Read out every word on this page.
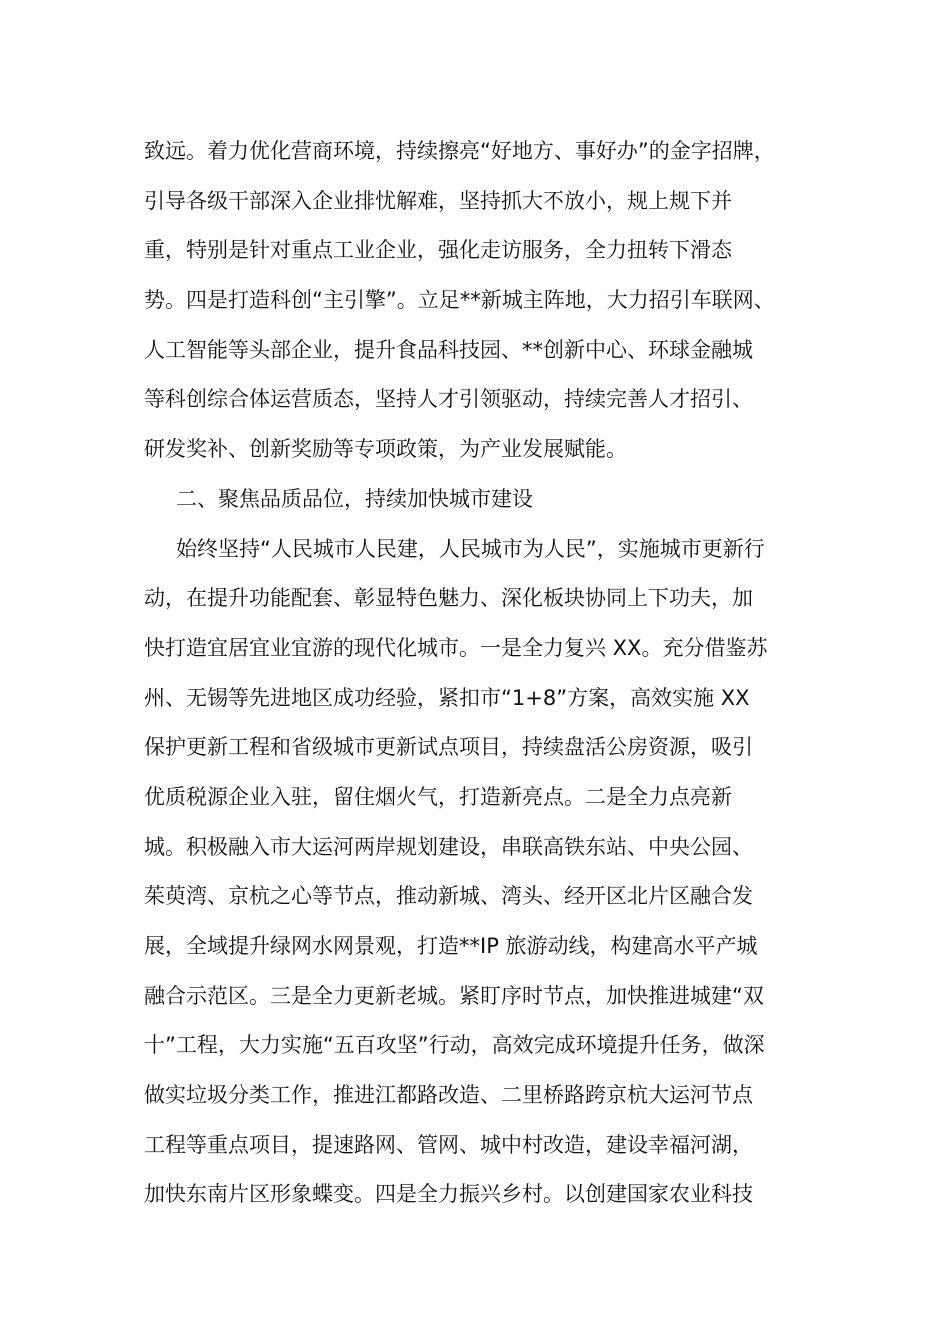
致远。着力优化营商环境，持续擦亮“好地方、事好办”的金字招牌，
引导各级干部深入企业排忧解难，坚持抓大不放小，规上规下并
重，特别是针对重点工业企业，强化走访服务，全力扭转下滑态
势。四是打造科创“主引擎”。立足**新城主阵地，大力招引车联网、
人工智能等头部企业，提升食品科技园、**创新中心、环球金融城
等科创综合体运营质态，坚持人才引领驱动，持续完善人才招引、
研发奖补、创新奖励等专项政策，为产业发展赋能。
二、聚焦品质品位，持续加快城市建设
始终坚持“人民城市人民建，人民城市为人民”，实施城市更新行
动，在提升功能配套、彰显特色魅力、深化板块协同上下功夫，加
快打造宜居宜业宜游的现代化城市。一是全力复兴 XX。充分借鉴苏
州、无锡等先进地区成功经验，紧扣市“1+8”方案，高效实施 XX
保护更新工程和省级城市更新试点项目，持续盘活公房资源，吸引
优质税源企业入驻，留住烟火气，打造新亮点。二是全力点亮新
城。积极融入市大运河两岸规划建设，串联高铁东站、中央公园、
茱萸湾、京杭之心等节点，推动新城、湾头、经开区北片区融合发
展，全域提升绿网水网景观，打造**IP 旅游动线，构建高水平产城
融合示范区。三是全力更新老城。紧盯序时节点，加快推进城建“双
十”工程，大力实施“五百攻坚”行动，高效完成环境提升任务，做深
做实垃圾分类工作，推进江都路改造、二里桥路跨京杭大运河节点
工程等重点项目，提速路网、管网、城中村改造，建设幸福河湖，
加快东南片区形象蝶变。四是全力振兴乡村。以创建国家农业科技
